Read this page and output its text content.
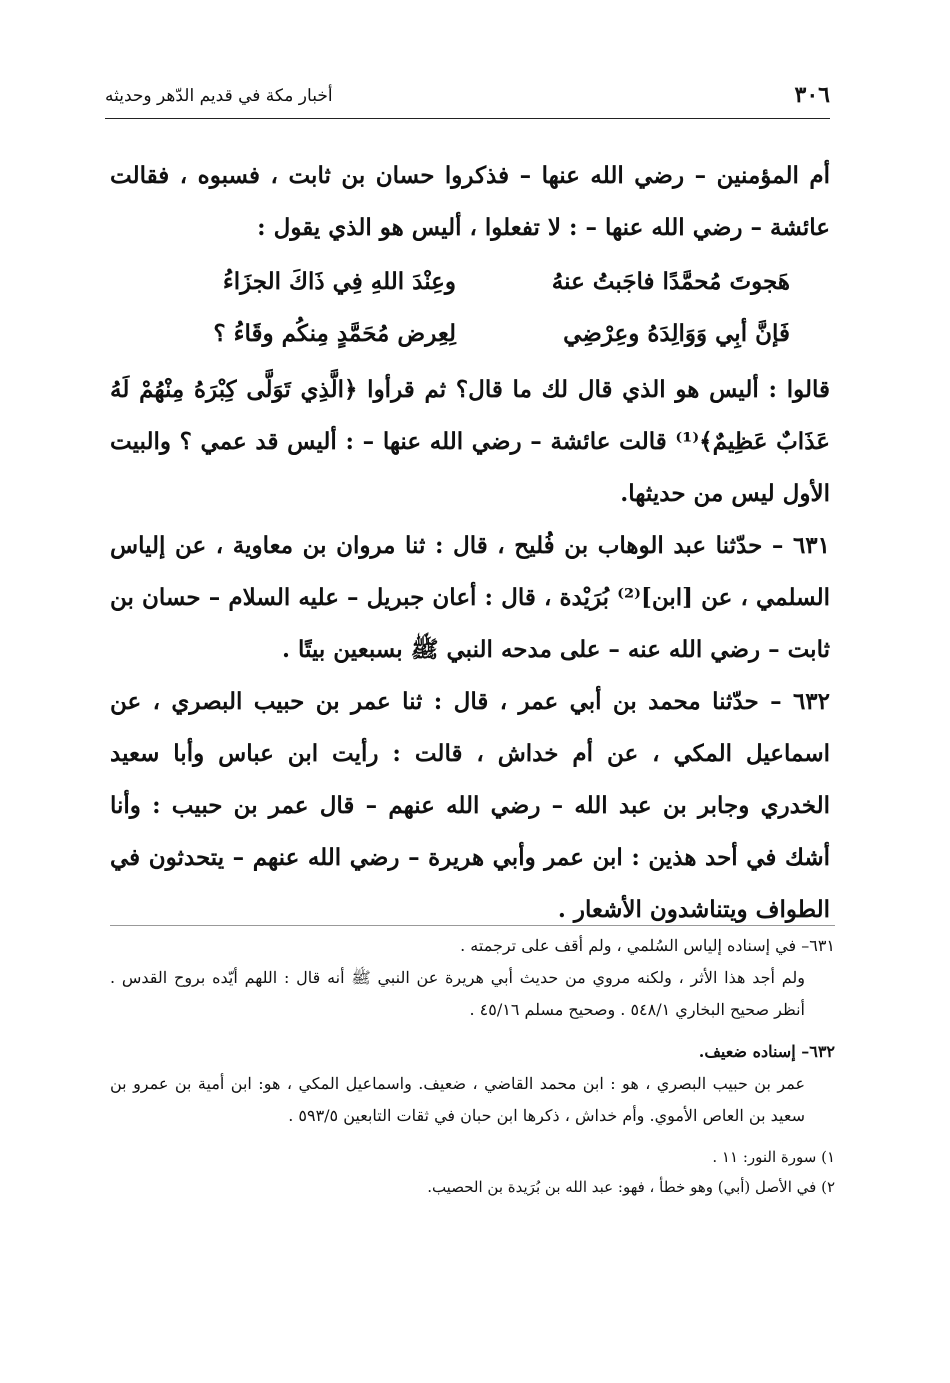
٣٠٦
أخبار مكة في قديم الدّهر وحديثه

أم المؤمنين – رضي الله عنها – فذكروا حسان بن ثابت ، فسبوه ، فقالت عائشة – رضي الله عنها – : لا تفعلوا ، أليس هو الذي يقول :

هَجوتَ مُحمَّدًا فاجَبتُ عنهُ
وعِنْدَ اللهِ فِي ذَاكَ الجزَاءُ
فَإنَّ أبِي وَوَالِدَهُ وعِرْضِي
لِعِرض مُحَمَّدٍ مِنكُم وقَاءُ ؟

قالوا : أليس هو الذي قال لك ما قال؟ ثم قرأوا ﴿الَّذِي تَوَلَّى كِبْرَهُ مِنْهُمْ لَهُ عَذَابٌ عَظِيمٌ﴾⁽¹⁾ قالت عائشة – رضي الله عنها – : أليس قد عمي ؟ والبيت الأول ليس من حديثها.

٦٣١ – حدّثنا عبد الوهاب بن فُليح ، قال : ثنا مروان بن معاوية ، عن إلياس السلمي ، عن [ابن]⁽²⁾ بُرَيْدة ، قال : أعان جبريل – عليه السلام – حسان بن ثابت – رضي الله عنه – على مدحه النبي ﷺ بسبعين بيتًا .

٦٣٢ – حدّثنا محمد بن أبي عمر ، قال : ثنا عمر بن حبيب البصري ، عن اسماعيل المكي ، عن أم خداش ، قالت : رأيت ابن عباس وأبا سعيد الخدري وجابر بن عبد الله – رضي الله عنهم – قال عمر بن حبيب : وأنا أشك في أحد هذين : ابن عمر وأبي هريرة – رضي الله عنهم – يتحدثون في الطواف ويتناشدون الأشعار .

٦٣١– في إسناده إلياس السُلمي ، ولم أقف على ترجمته .

ولم أجد هذا الأثر ، ولكنه مروي من حديث أبي هريرة عن النبي ﷺ أنه قال : اللهم أيّده بروح القدس . أنظر صحيح البخاري ٥٤٨/١ . وصحيح مسلم ٤٥/١٦ .

٦٣٢– إسناده ضعيف.

عمر بن حبيب البصري ، هو : ابن محمد القاضي ، ضعيف. واسماعيل المكي ، هو: ابن أمية بن عمرو بن سعيد بن العاص الأموي. وأم خداش ، ذكرها ابن حبان في ثقات التابعين ٥٩٣/٥ .

١) سورة النور: ١١ .

٢) في الأصل (أبي) وهو خطأ ، فهو: عبد الله بن بُرَيدة بن الحصيب.
